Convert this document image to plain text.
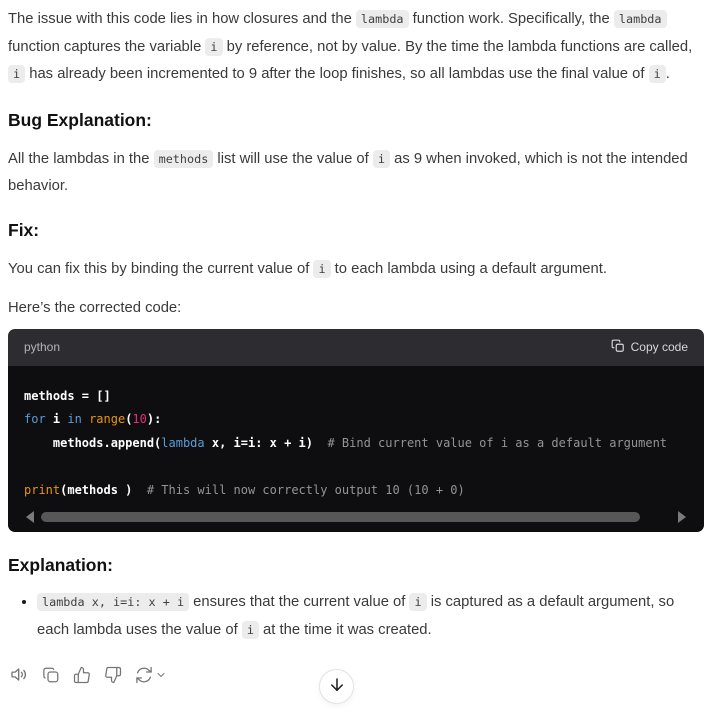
The issue with this code lies in how closures and the lambda function work. Specifically, the lambda function captures the variable i by reference, not by value. By the time the lambda functions are called, i has already been incremented to 9 after the loop finishes, so all lambdas use the final value of i .

Bug Explanation:

All the lambdas in the methods list will use the value of i as 9 when invoked, which is not the intended behavior.

Fix:

You can fix this by binding the current value of i to each lambda using a default argument.

Here’s the corrected code:

python	Copy code
methods = []
for i in range(10):
methods.append(lambda x, i=i: x + i) # Bind current value of i as a default argument

print(methods ) # This will now correctly output 10 (10 + 0)
Explanation:
• lambda x, i=i: x + i ensures that the current value of i is captured as a default argument, so each lambda uses the value of i at the time it was created.
